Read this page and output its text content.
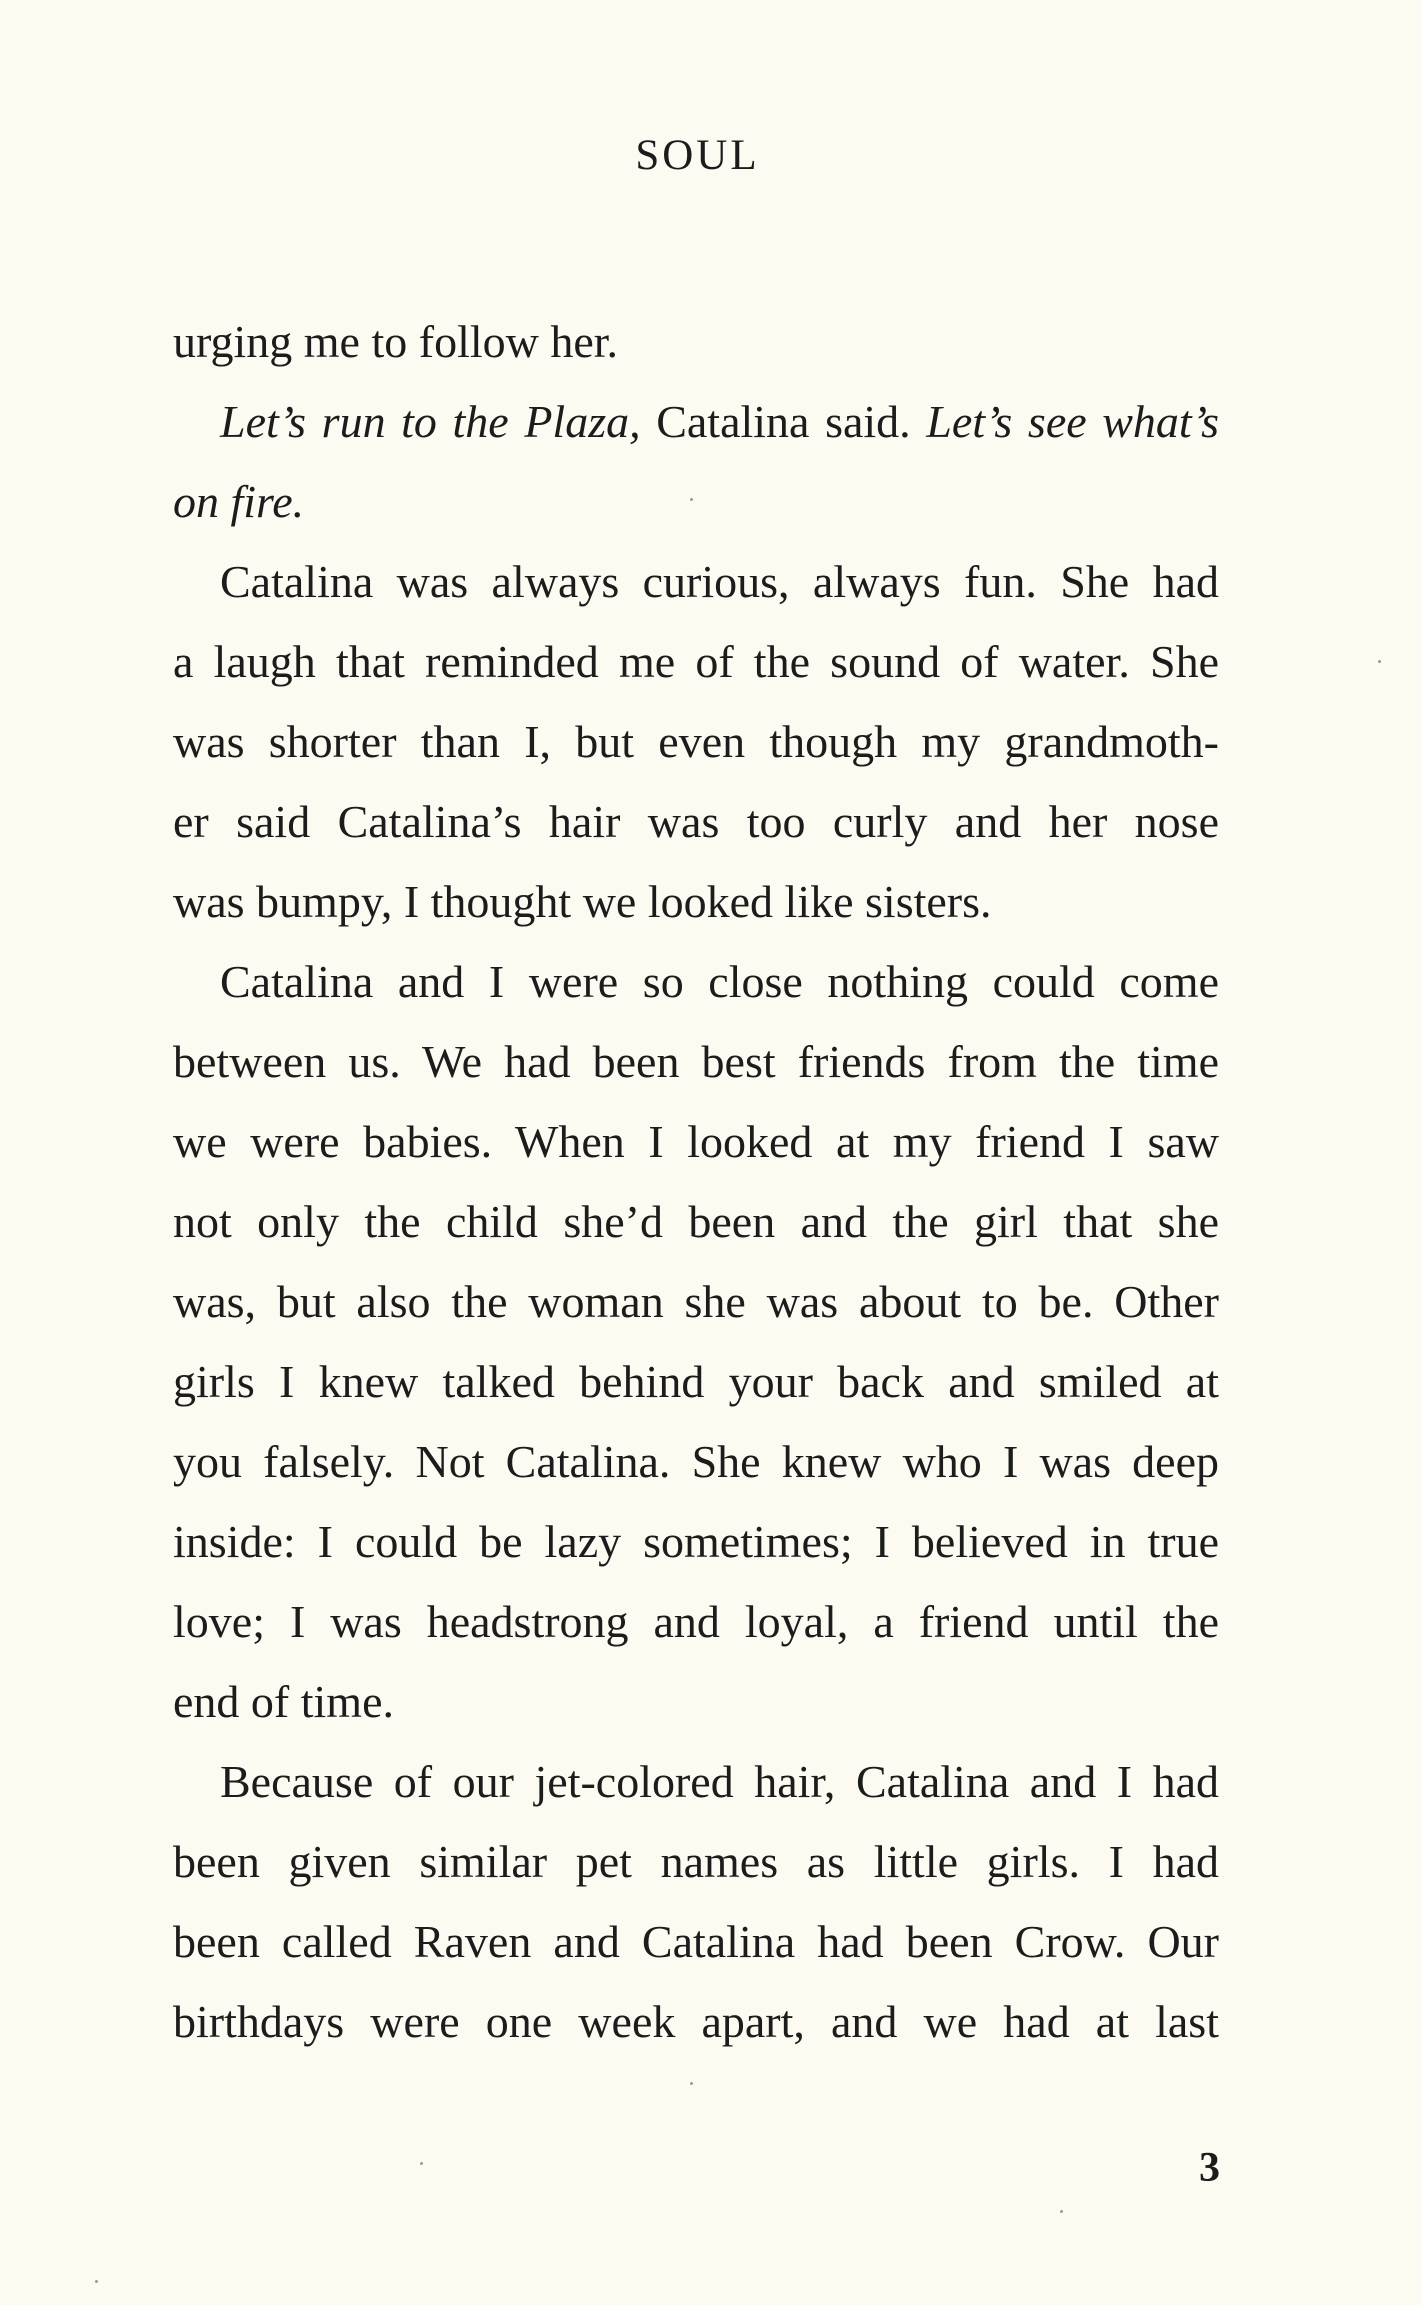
SOUL
urging me to follow her.
Let’s run to the Plaza, Catalina said. Let’s see what’s
on fire.
Catalina was always curious, always fun. She had
a laugh that reminded me of the sound of water. She
was shorter than I, but even though my grandmoth-
er said Catalina’s hair was too curly and her nose
was bumpy, I thought we looked like sisters.
Catalina and I were so close nothing could come
between us. We had been best friends from the time
we were babies. When I looked at my friend I saw
not only the child she’d been and the girl that she
was, but also the woman she was about to be. Other
girls I knew talked behind your back and smiled at
you falsely. Not Catalina. She knew who I was deep
inside: I could be lazy sometimes; I believed in true
love; I was headstrong and loyal, a friend until the
end of time.
Because of our jet-colored hair, Catalina and I had
been given similar pet names as little girls. I had
been called Raven and Catalina had been Crow. Our
birthdays were one week apart, and we had at last
3
